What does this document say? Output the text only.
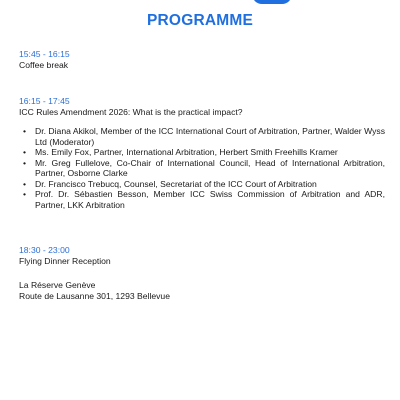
PROGRAMME
15:45 - 16:15
Coffee break
16:15 - 17:45
ICC Rules Amendment 2026: What is the practical impact?
• Dr. Diana Akikol, Member of the ICC International Court of Arbitration, Partner, Walder Wyss Ltd (Moderator)
• Ms. Emily Fox, Partner, International Arbitration, Herbert Smith Freehills Kramer
• Mr. Greg Fullelove, Co-Chair of International Council, Head of International Arbitration, Partner, Osborne Clarke
• Dr. Francisco Trebucq, Counsel, Secretariat of the ICC Court of Arbitration
• Prof. Dr. Sébastien Besson, Member ICC Swiss Commission of Arbitration and ADR, Partner, LKK Arbitration
18:30 - 23:00
Flying Dinner Reception
La Réserve Genève
Route de Lausanne 301, 1293 Bellevue
